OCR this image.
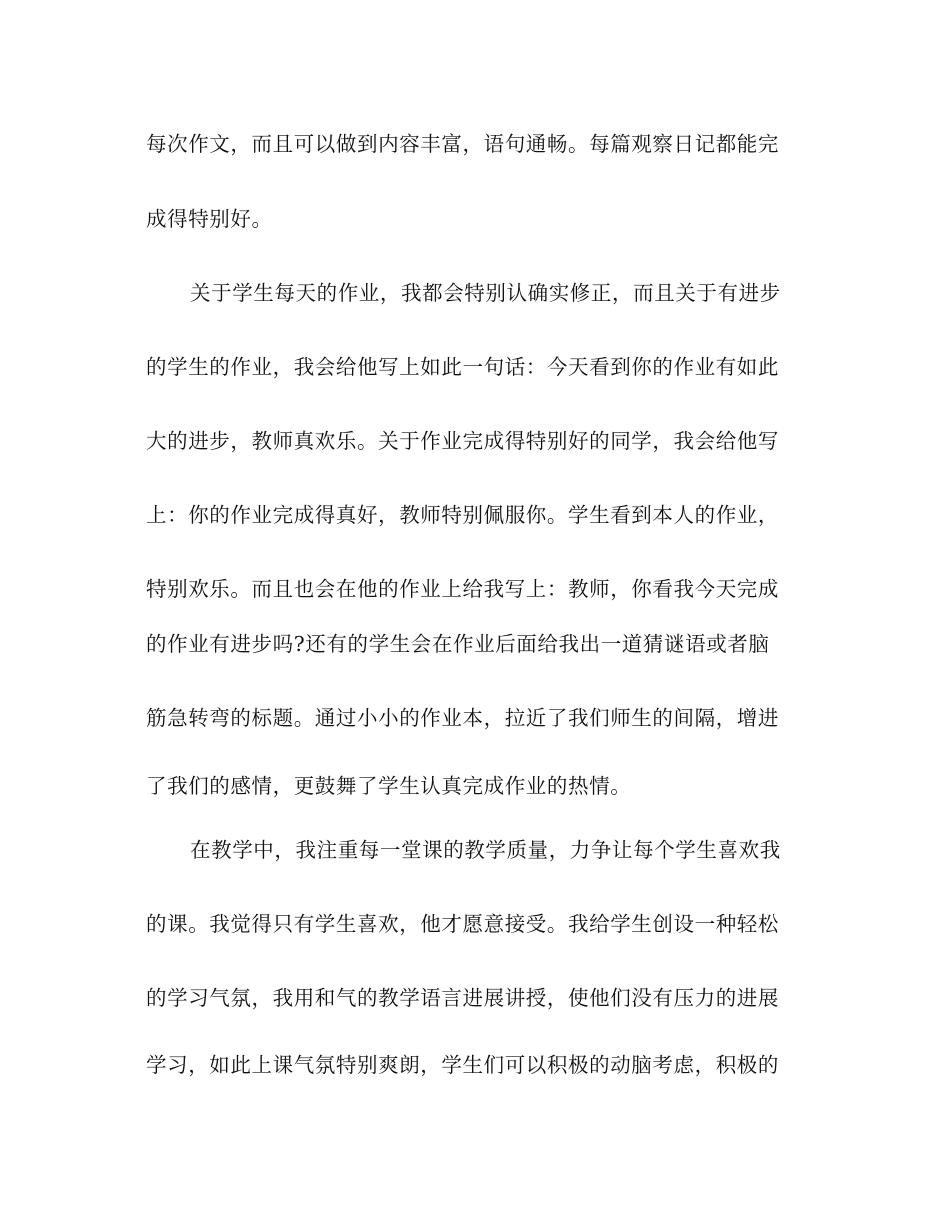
每次作文，而且可以做到内容丰富，语句通畅。每篇观察日记都能完
成得特别好。
关于学生每天的作业，我都会特别认确实修正，而且关于有进步
的学生的作业，我会给他写上如此一句话：今天看到你的作业有如此
大的进步，教师真欢乐。关于作业完成得特别好的同学，我会给他写
上：你的作业完成得真好，教师特别佩服你。学生看到本人的作业，
特别欢乐。而且也会在他的作业上给我写上：教师，你看我今天完成
的作业有进步吗?还有的学生会在作业后面给我出一道猜谜语或者脑
筋急转弯的标题。通过小小的作业本，拉近了我们师生的间隔，增进
了我们的感情，更鼓舞了学生认真完成作业的热情。
在教学中，我注重每一堂课的教学质量，力争让每个学生喜欢我
的课。我觉得只有学生喜欢，他才愿意接受。我给学生创设一种轻松
的学习气氛，我用和气的教学语言进展讲授，使他们没有压力的进展
学习，如此上课气氛特别爽朗，学生们可以积极的动脑考虑，积极的
